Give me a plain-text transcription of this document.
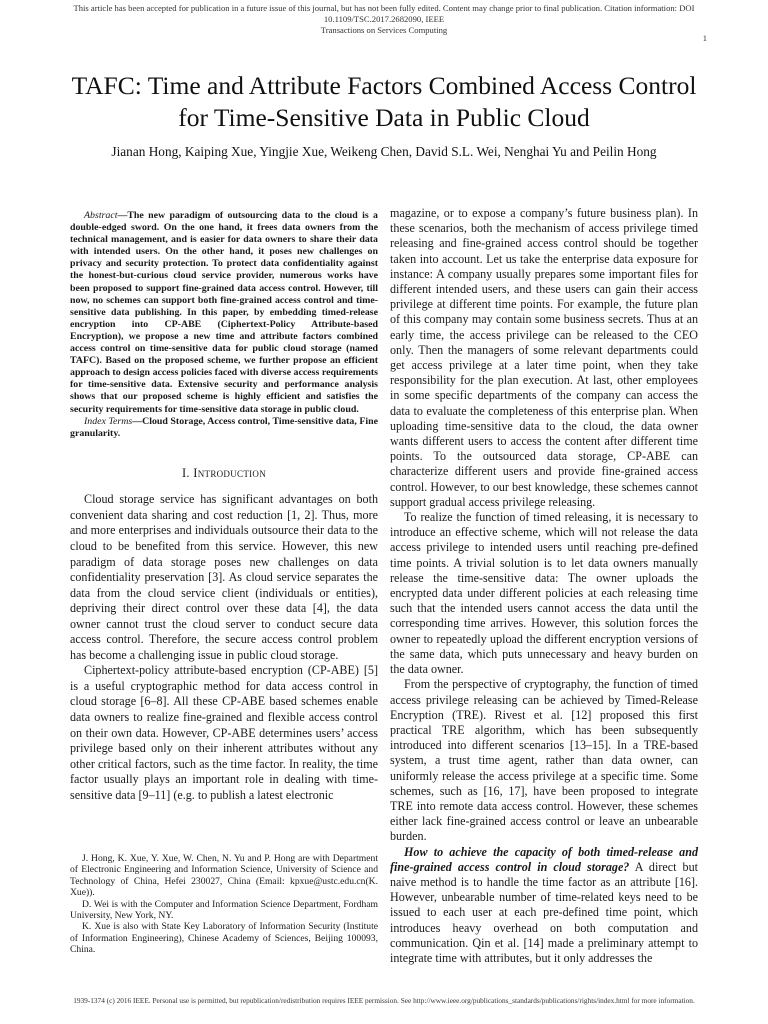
This article has been accepted for publication in a future issue of this journal, but has not been fully edited. Content may change prior to final publication. Citation information: DOI 10.1109/TSC.2017.2682090, IEEE
Transactions on Services Computing
1
TAFC: Time and Attribute Factors Combined Access Control
for Time-Sensitive Data in Public Cloud
Jianan Hong, Kaiping Xue, Yingjie Xue, Weikeng Chen, David S.L. Wei, Nenghai Yu and Peilin Hong

Abstract—The new paradigm of outsourcing data to the cloud is a double-edged sword. On the one hand, it frees data owners from the technical management, and is easier for data owners to share their data with intended users. On the other hand, it poses new challenges on privacy and security protection. To protect data confidentiality against the honest-but-curious cloud service provider, numerous works have been proposed to support fine-grained data access control. However, till now, no schemes can support both fine-grained access control and time-sensitive data publishing. In this paper, by embedding timed-release encryption into CP-ABE (Ciphertext-Policy Attribute-based Encryption), we propose a new time and attribute factors combined access control on time-sensitive data for public cloud storage (named TAFC). Based on the proposed scheme, we further propose an efficient approach to design access policies faced with diverse access requirements for time-sensitive data. Extensive security and performance analysis shows that our proposed scheme is highly efficient and satisfies the security requirements for time-sensitive data storage in public cloud.

Index Terms—Cloud Storage, Access control, Time-sensitive data, Fine granularity.

I. Introduction

Cloud storage service has significant advantages on both convenient data sharing and cost reduction [1, 2]. Thus, more and more enterprises and individuals outsource their data to the cloud to be benefited from this service. However, this new paradigm of data storage poses new challenges on data confidentiality preservation [3]. As cloud service separates the data from the cloud service client (individuals or entities), depriving their direct control over these data [4], the data owner cannot trust the cloud server to conduct secure data access control. Therefore, the secure access control problem has become a challenging issue in public cloud storage.

Ciphertext-policy attribute-based encryption (CP-ABE) [5] is a useful cryptographic method for data access control in cloud storage [6–8]. All these CP-ABE based schemes enable data owners to realize fine-grained and flexible access control on their own data. However, CP-ABE determines users’ access privilege based only on their inherent attributes without any other critical factors, such as the time factor. In reality, the time factor usually plays an important role in dealing with time-sensitive data [9–11] (e.g. to publish a latest electronic

J. Hong, K. Xue, Y. Xue, W. Chen, N. Yu and P. Hong are with Department of Electronic Engineering and Information Science, University of Science and Technology of China, Hefei 230027, China (Email: kpxue@ustc.edu.cn(K. Xue)).

D. Wei is with the Computer and Information Science Department, Fordham University, New York, NY.

K. Xue is also with State Key Laboratory of Information Security (Institute of Information Engineering), Chinese Academy of Sciences, Beijing 100093, China.

magazine, or to expose a company’s future business plan). In these scenarios, both the mechanism of access privilege timed releasing and fine-grained access control should be together taken into account. Let us take the enterprise data exposure for instance: A company usually prepares some important files for different intended users, and these users can gain their access privilege at different time points. For example, the future plan of this company may contain some business secrets. Thus at an early time, the access privilege can be released to the CEO only. Then the managers of some relevant departments could get access privilege at a later time point, when they take responsibility for the plan execution. At last, other employees in some specific departments of the company can access the data to evaluate the completeness of this enterprise plan. When uploading time-sensitive data to the cloud, the data owner wants different users to access the content after different time points. To the outsourced data storage, CP-ABE can characterize different users and provide fine-grained access control. However, to our best knowledge, these schemes cannot support gradual access privilege releasing.

To realize the function of timed releasing, it is necessary to introduce an effective scheme, which will not release the data access privilege to intended users until reaching pre-defined time points. A trivial solution is to let data owners manually release the time-sensitive data: The owner uploads the encrypted data under different policies at each releasing time such that the intended users cannot access the data until the corresponding time arrives. However, this solution forces the owner to repeatedly upload the different encryption versions of the same data, which puts unnecessary and heavy burden on the data owner.

From the perspective of cryptography, the function of timed access privilege releasing can be achieved by Timed-Release Encryption (TRE). Rivest et al. [12] proposed this first practical TRE algorithm, which has been subsequently introduced into different scenarios [13–15]. In a TRE-based system, a trust time agent, rather than data owner, can uniformly release the access privilege at a specific time. Some schemes, such as [16, 17], have been proposed to integrate TRE into remote data access control. However, these schemes either lack fine-grained access control or leave an unbearable burden.

How to achieve the capacity of both timed-release and fine-grained access control in cloud storage? A direct but naive method is to handle the time factor as an attribute [16]. However, unbearable number of time-related keys need to be issued to each user at each pre-defined time point, which introduces heavy overhead on both computation and communication. Qin et al. [14] made a preliminary attempt to integrate time with attributes, but it only addresses the

1939-1374 (c) 2016 IEEE. Personal use is permitted, but republication/redistribution requires IEEE permission. See http://www.ieee.org/publications_standards/publications/rights/index.html for more information.
